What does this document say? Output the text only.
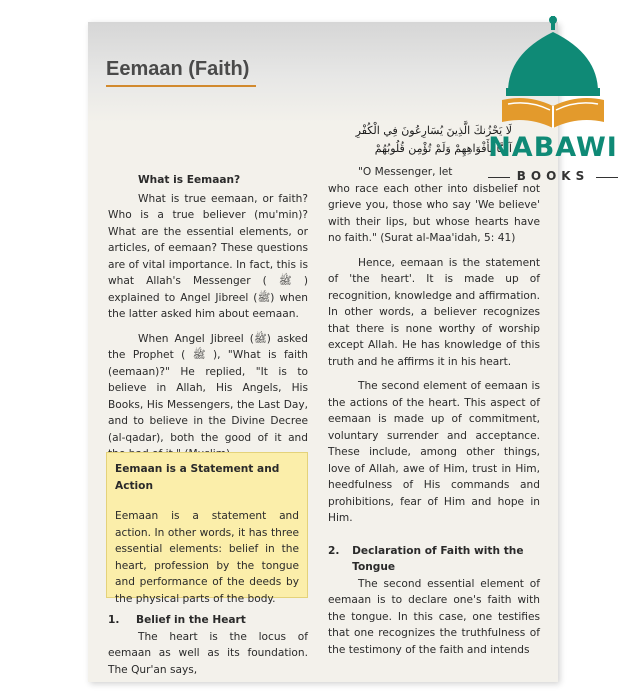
Eemaan (Faith)
What is Eemaan?

What is true eemaan, or faith? Who is a true believer (mu'min)? What are the essential elements, or articles, of eemaan? These questions are of vital importance. In fact, this is what Allah's Messenger ( ﷺ ) explained to Angel Jibreel (ﷺ) when the latter asked him about eemaan.

When Angel Jibreel (ﷺ) asked the Prophet ( ﷺ ), "What is faith (eemaan)?" He replied, "It is to believe in Allah, His Angels, His Books, His Messengers, the Last Day, and to believe in the Divine Decree (al-qadar), both the good of it and

Eemaan is a Statement and Action

Eemaan is a statement and action. In other words, it has three essential elements: belief in the heart, profession by the tongue and performance of the deeds by the physical parts of the body.

1.	Belief in the Heart

The heart is the locus of eemaan as well as its foundation. The Qur'an says,

لَا يَحْزُنكَ الَّذِينَ يُسَارِعُونَ فِي الْكُفْرِ
آمَنَّا بِأَفْوَاهِهِمْ وَلَمْ تُؤْمِن قُلُوبُهُمْ

"O Messenger, let

who race each other into disbelief not grieve you, those who say 'We believe' with their lips, but whose hearts have no faith." (Surat al-Maa'idah, 5: 41)

Hence, eemaan is the statement of 'the heart'. It is made up of recognition, knowledge and affirmation. In other words, a believer recognizes that there is none worthy of worship except Allah. He has knowledge of this truth and he affirms it in his heart.

The second element of eemaan is the actions of the heart. This aspect of eemaan is made up of commitment, voluntary surrender and acceptance. These include, among other things, love of Allah, awe of Him, trust in Him, heedfulness of His commands and prohibitions, fear of Him and hope in Him.

2.	Declaration of Faith with the Tongue

The second essential element of eemaan is to declare one's faith with the tongue. In this case, one testifies that one recognizes the truthfulness of the testimony of the faith and intends

NABAWI
BOOKS
